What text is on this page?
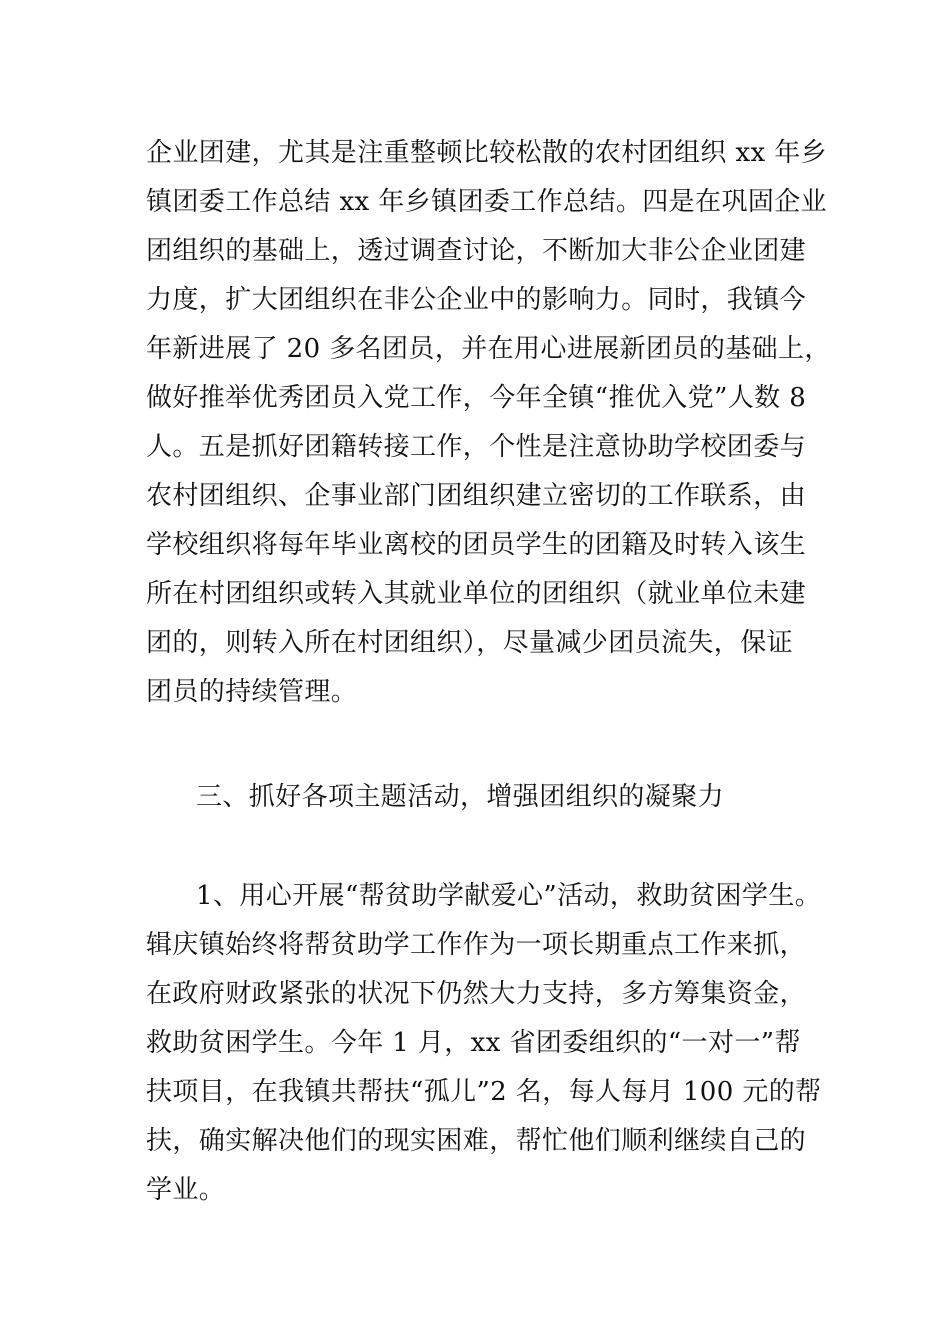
企业团建，尤其是注重整顿比较松散的农村团组织 xx 年乡
镇团委工作总结 xx 年乡镇团委工作总结。四是在巩固企业
团组织的基础上，透过调查讨论，不断加大非公企业团建
力度，扩大团组织在非公企业中的影响力。同时，我镇今
年新进展了 20 多名团员，并在用心进展新团员的基础上，
做好推举优秀团员入党工作，今年全镇“推优入党”人数 8
人。五是抓好团籍转接工作，个性是注意协助学校团委与
农村团组织、企事业部门团组织建立密切的工作联系，由
学校组织将每年毕业离校的团员学生的团籍及时转入该生
所在村团组织或转入其就业单位的团组织（就业单位未建
团的，则转入所在村团组织），尽量减少团员流失，保证
团员的持续管理。
三、抓好各项主题活动，增强团组织的凝聚力
1、用心开展“帮贫助学献爱心”活动，救助贫困学生。
辑庆镇始终将帮贫助学工作作为一项长期重点工作来抓，
在政府财政紧张的状况下仍然大力支持，多方筹集资金，
救助贫困学生。今年 1 月，xx 省团委组织的“一对一”帮
扶项目，在我镇共帮扶“孤儿”2 名，每人每月 100 元的帮
扶，确实解决他们的现实困难，帮忙他们顺利继续自己的
学业。
